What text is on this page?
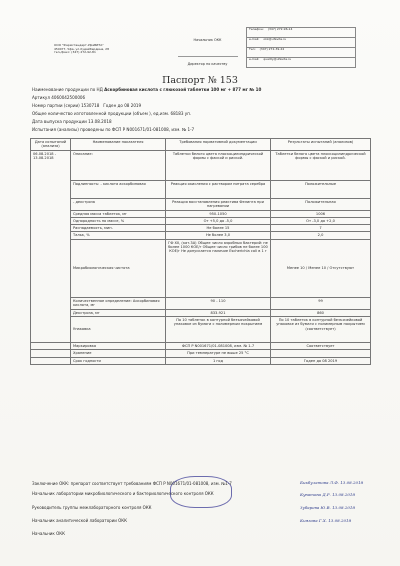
ООО "Фармстандарт-УфаВИТА"
450077, Уфа, ул.Худайбердина, 28
тел./факс: (347) 272-92-81
Начальник ОКК
Директор по качеству
Телефон:	(347) 272-96-14
e-mail:	okk@ufavita.ru
Тел:	(347) 272-39-24
e-mail:	quality@ufavita.ru
Паспорт № 153
Наименование продукции по НД Аскорбиновая кислота с глюкозой таблетки 100 мг + 877 мг № 10
Артикул 4060042500006
Номер партии (серии) 1530718 Годен до 08 2019
Общее количество изготовленной продукции (объем ), ед.изм. 68183 уп.
Дата выпуска продукции 13.08.2018
Испытания (анализы) проведены по ФСП Р N001671/01-081008, изм. № 1-7
Дата испытаний (анализа)	Наименование показателя	Требования нормативной документации	Результаты испытаний (анализов)
06.08.2018 - 13.08.2018	Описание:	Таблетки белого цвета плоскоцилиндрической формы с фаской и риской.	Таблетки белого цвета плоскоцилиндрической формы с фаской и риской.
	Подлинность: - кислота аскорбиновая	Реакция окисления с раствором нитрата серебра	Положительные
	- декстроза	Реакция восстановления реактива Фелинга при нагревании	Положительная
	Средняя масса таблеток, мг	950-1050	1006
	Однородность по массе, %	От +5,0 до -5,0	От -3,0 до +2,0
	Распадаемость, мин.	Не более 15	7
	Тальк, %	Не более 3,0	2,0
	Микробиологическая чистота	ГФ XII, (кат.3А) Общее число аэробных бактерий: не более 1000 КОЕ/г Общее число грибов не более 100 КОЕ/г Не допускается наличие Escherichia coli в 1 г	Менее 10 / Менее 10 / Отсутствуют
	Количественное определение: Аскорбиновая кислота, мг	90 - 110	99
	Декстроза, мг	833-921	860
	Упаковка	По 10 таблеток в контурной безъячейковой упаковке из бумаги с полимерным покрытием	По 10 таблеток в контурной безъячейковой упаковке из бумаги с полимерным покрытием (соответствует)
	Маркировка	ФСП Р N001671/01-081008, изм. № 1-7	Соответствует
	Хранение	При температуре не выше 25 °С	
	Срок годности	1 год	Годен до 08 2019
Заключение ОКК: препарат соответствует требованиям ФСП Р N001671/01-081008, изм. №1-7
Начальник лаборатории микробиологического и бактериологического контроля ОКК
Бикбулатова Л.Ф. 13.08.2018
Руководитель группы межлабораторного контроля ОКК
Куватова Д.Р. 13.08.2018
Начальник аналитической лаборатории ОКК
Зубарева Ю.В. 13.08.2018
Начальник ОКК
Киязова Г.Х. 13.08.2018
